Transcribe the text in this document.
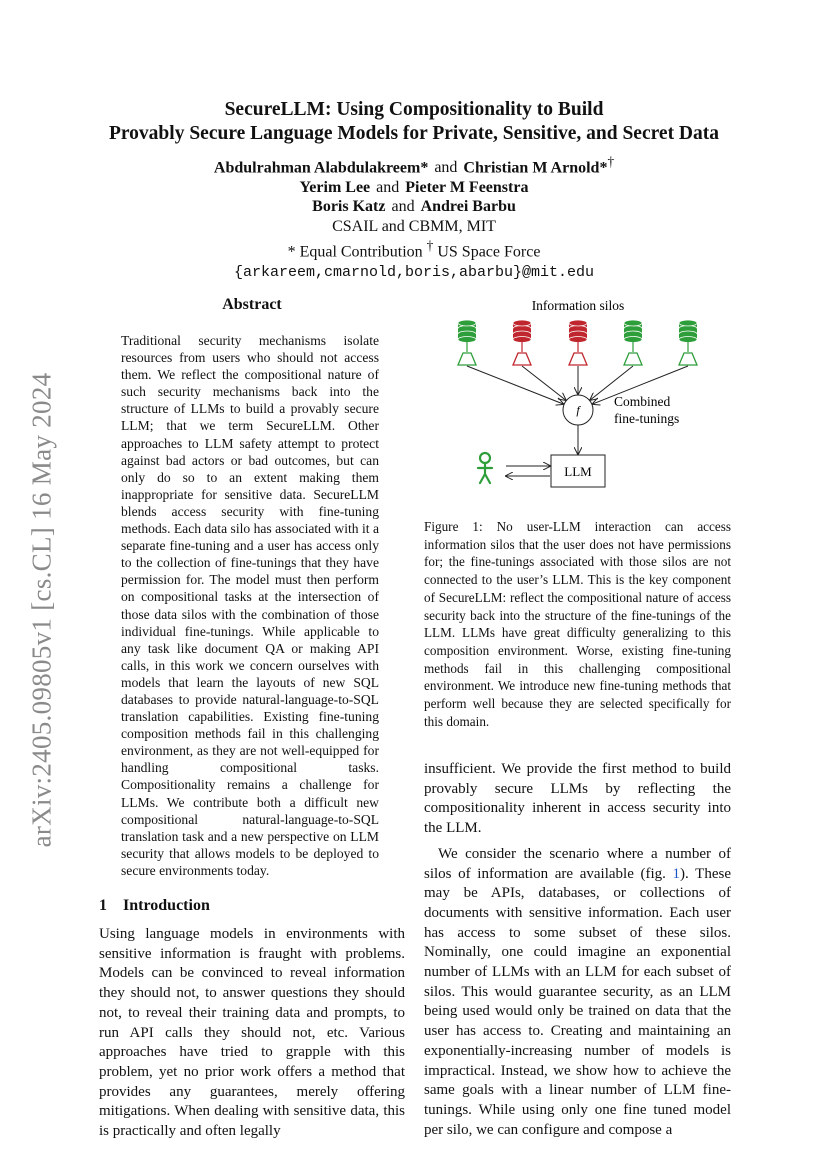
arXiv:2405.09805v1 [cs.CL] 16 May 2024
SecureLLM: Using Compositionality to Build
Provably Secure Language Models for Private, Sensitive, and Secret Data
Abdulrahman Alabdulakreem* and Christian M Arnold*†
Yerim Lee and Pieter M Feenstra
Boris Katz and Andrei Barbu
CSAIL and CBMM, MIT
* Equal Contribution † US Space Force
{arkareem,cmarnold,boris,abarbu}@mit.edu
Abstract
Traditional security mechanisms isolate resources from users who should not access them. We reflect the compositional nature of such security mechanisms back into the structure of LLMs to build a provably secure LLM; that we term SecureLLM. Other approaches to LLM safety attempt to protect against bad actors or bad outcomes, but can only do so to an extent making them inappropriate for sensitive data. SecureLLM blends access security with fine-tuning methods. Each data silo has associated with it a separate fine-tuning and a user has access only to the collection of fine-tunings that they have permission for. The model must then perform on compositional tasks at the intersection of those data silos with the combination of those individual fine-tunings. While applicable to any task like document QA or making API calls, in this work we concern ourselves with models that learn the layouts of new SQL databases to provide natural-language-to-SQL translation capabilities. Existing fine-tuning composition methods fail in this challenging environment, as they are not well-equipped for handling compositional tasks. Compositionality remains a challenge for LLMs. We contribute both a difficult new compositional natural-language-to-SQL translation task and a new perspective on LLM security that allows models to be deployed to secure environments today.
1 Introduction

Using language models in environments with sensitive information is fraught with problems. Models can be convinced to reveal information they should not, to answer questions they should not, to reveal their training data and prompts, to run API calls they should not, etc. Various approaches have tried to grapple with this problem, yet no prior work offers a method that provides any guarantees, merely offering mitigations. When dealing with sensitive data, this is practically and often legally

Information silos
f
Combined
fine-tunings
LLM
Figure 1: No user-LLM interaction can access information silos that the user does not have permissions for; the fine-tunings associated with those silos are not connected to the user’s LLM. This is the key component of SecureLLM: reflect the compositional nature of access security back into the structure of the fine-tunings of the LLM. LLMs have great difficulty generalizing to this composition environment. Worse, existing fine-tuning methods fail in this challenging compositional environment. We introduce new fine-tuning methods that perform well because they are selected specifically for this domain.

insufficient. We provide the first method to build provably secure LLMs by reflecting the compositionality inherent in access security into the LLM.

We consider the scenario where a number of silos of information are available (fig. 1). These may be APIs, databases, or collections of documents with sensitive information. Each user has access to some subset of these silos. Nominally, one could imagine an exponential number of LLMs with an LLM for each subset of silos. This would guarantee security, as an LLM being used would only be trained on data that the user has access to. Creating and maintaining an exponentially-increasing number of models is impractical. Instead, we show how to achieve the same goals with a linear number of LLM fine-tunings. While using only one fine tuned model per silo, we can configure and compose a
